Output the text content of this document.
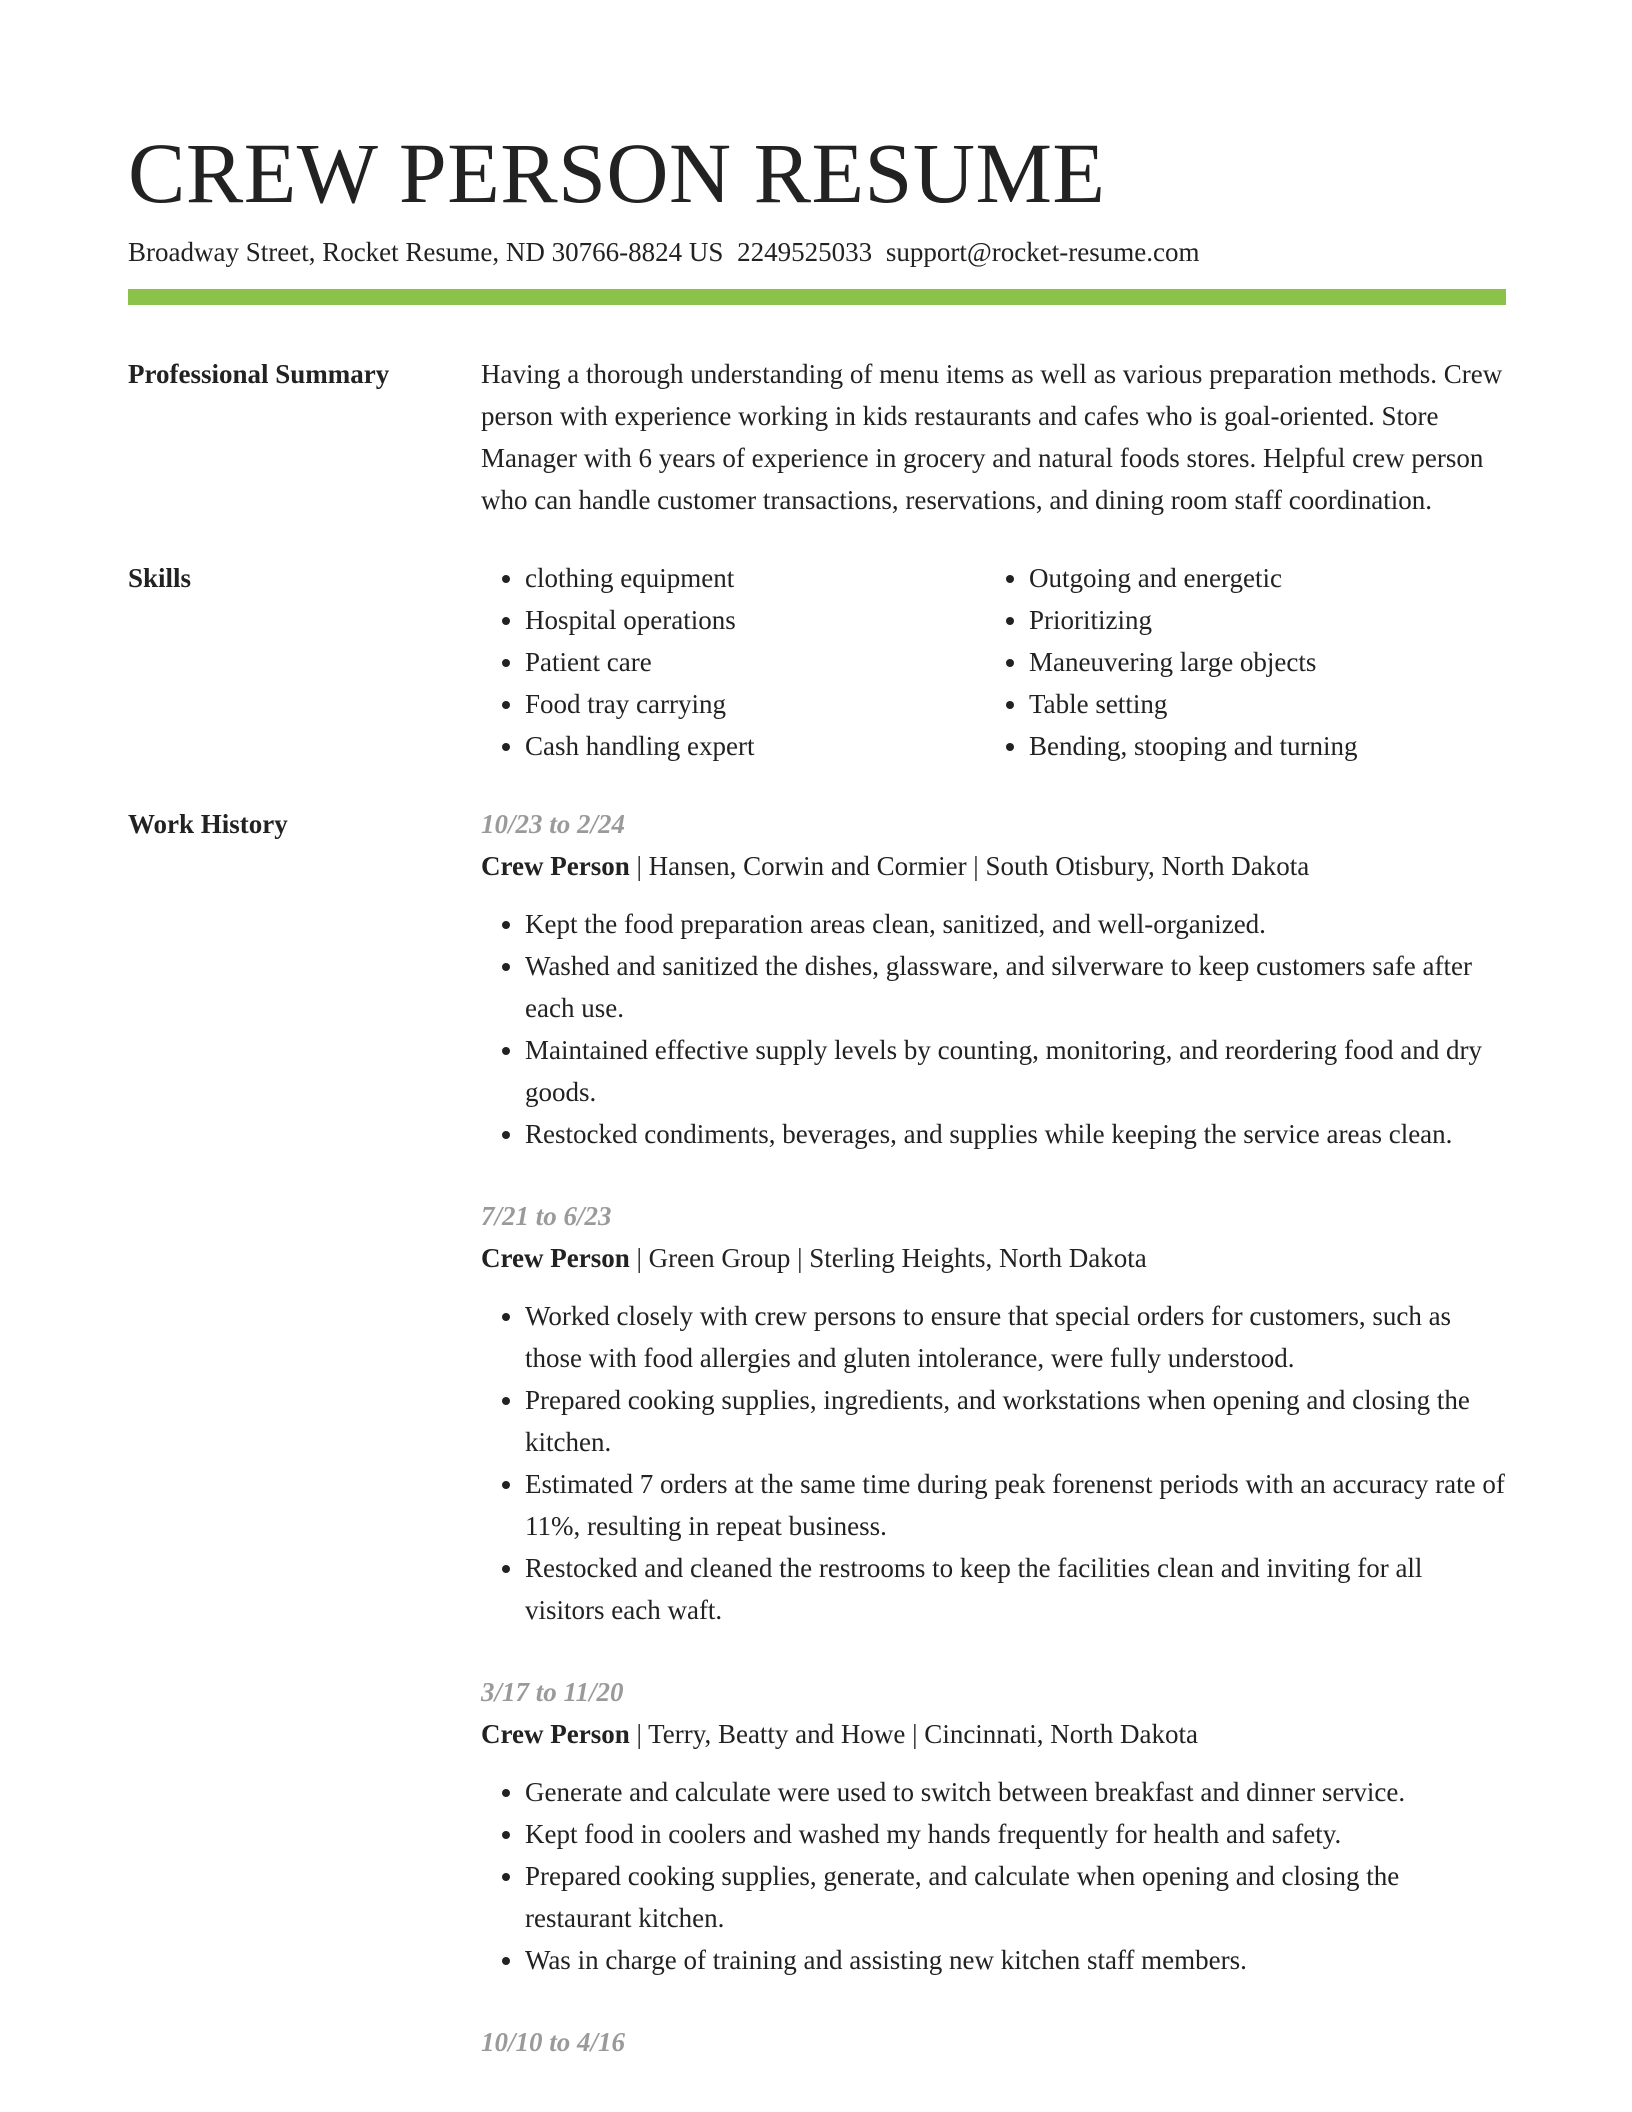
CREW PERSON RESUME
Broadway Street, Rocket Resume, ND 30766-8824 US 2249525033 support@rocket-resume.com
Professional Summary	Having a thorough understanding of menu items as well as various preparation methods. Crew person with experience working in kids restaurants and cafes who is goal-oriented. Store Manager with 6 years of experience in grocery and natural foods stores. Helpful crew person who can handle customer transactions, reservations, and dining room staff coordination.

Skills
•	clothing equipment
• Hospital operations
• Patient care
• Food tray carrying
• Cash handling expert
• Outgoing and energetic
• Prioritizing
• Maneuvering large objects
• Table setting
• Bending, stooping and turning
Work History	10/23 to 2/24
Crew Person | Hansen, Corwin and Cormier | South Otisbury, North Dakota
• Kept the food preparation areas clean, sanitized, and well-organized.
• Washed and sanitized the dishes, glassware, and silverware to keep customers safe after each use.
• Maintained effective supply levels by counting, monitoring, and reordering food and dry goods.
• Restocked condiments, beverages, and supplies while keeping the service areas clean.
7/21 to 6/23
Crew Person | Green Group | Sterling Heights, North Dakota
• Worked closely with crew persons to ensure that special orders for customers, such as those with food allergies and gluten intolerance, were fully understood.
• Prepared cooking supplies, ingredients, and workstations when opening and closing the kitchen.
• Estimated 7 orders at the same time during peak forenenst periods with an accuracy rate of 11%, resulting in repeat business.
• Restocked and cleaned the restrooms to keep the facilities clean and inviting for all visitors each waft.
3/17 to 11/20
Crew Person | Terry, Beatty and Howe | Cincinnati, North Dakota
• Generate and calculate were used to switch between breakfast and dinner service.
• Kept food in coolers and washed my hands frequently for health and safety.
• Prepared cooking supplies, generate, and calculate when opening and closing the restaurant kitchen.
• Was in charge of training and assisting new kitchen staff members.
10/10 to 4/16
